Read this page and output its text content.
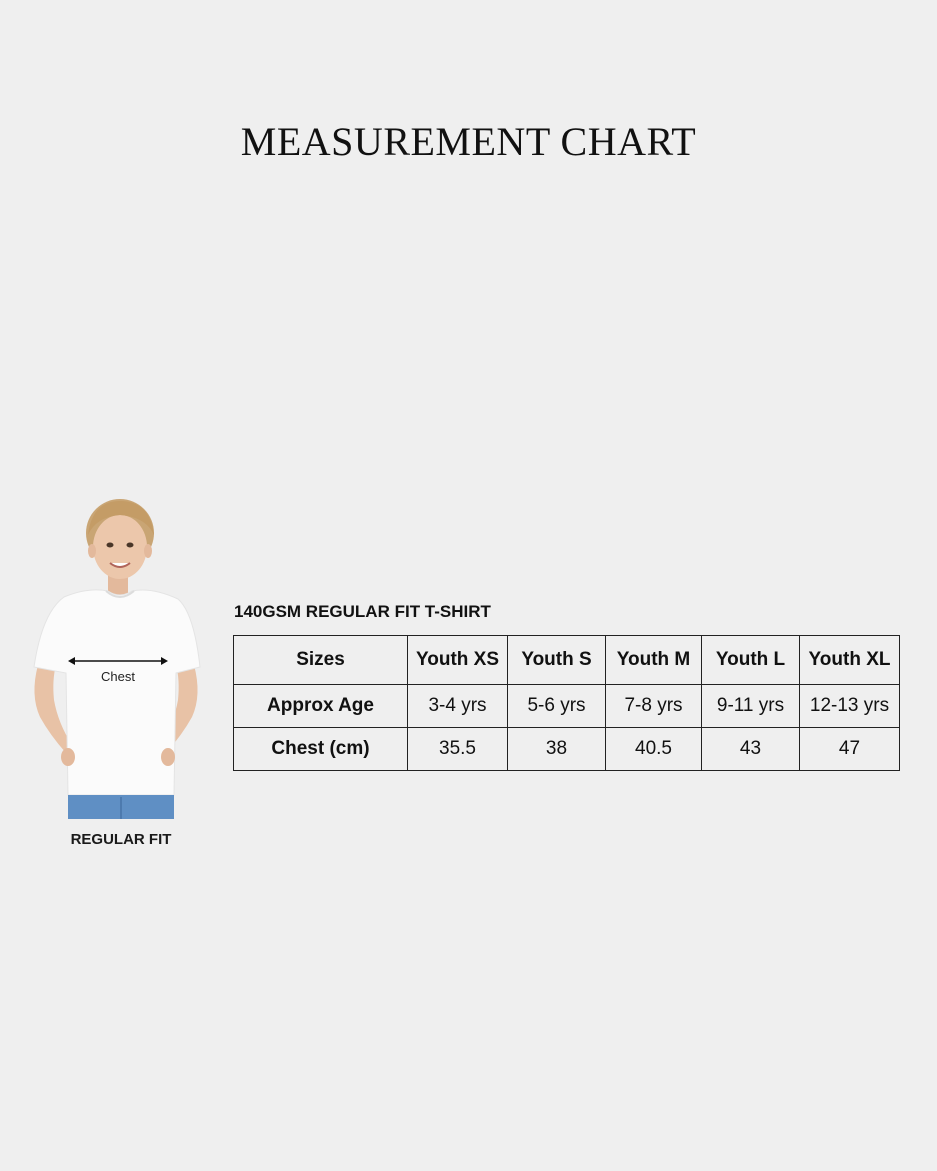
MEASUREMENT CHART
Chest
REGULAR FIT
140GSM REGULAR FIT T-SHIRT
Sizes	Youth XS	Youth S	Youth M	Youth L	Youth XL
Approx Age	3-4 yrs	5-6 yrs	7-8 yrs	9-11 yrs	12-13 yrs
Chest (cm)	35.5	38	40.5	43	47
